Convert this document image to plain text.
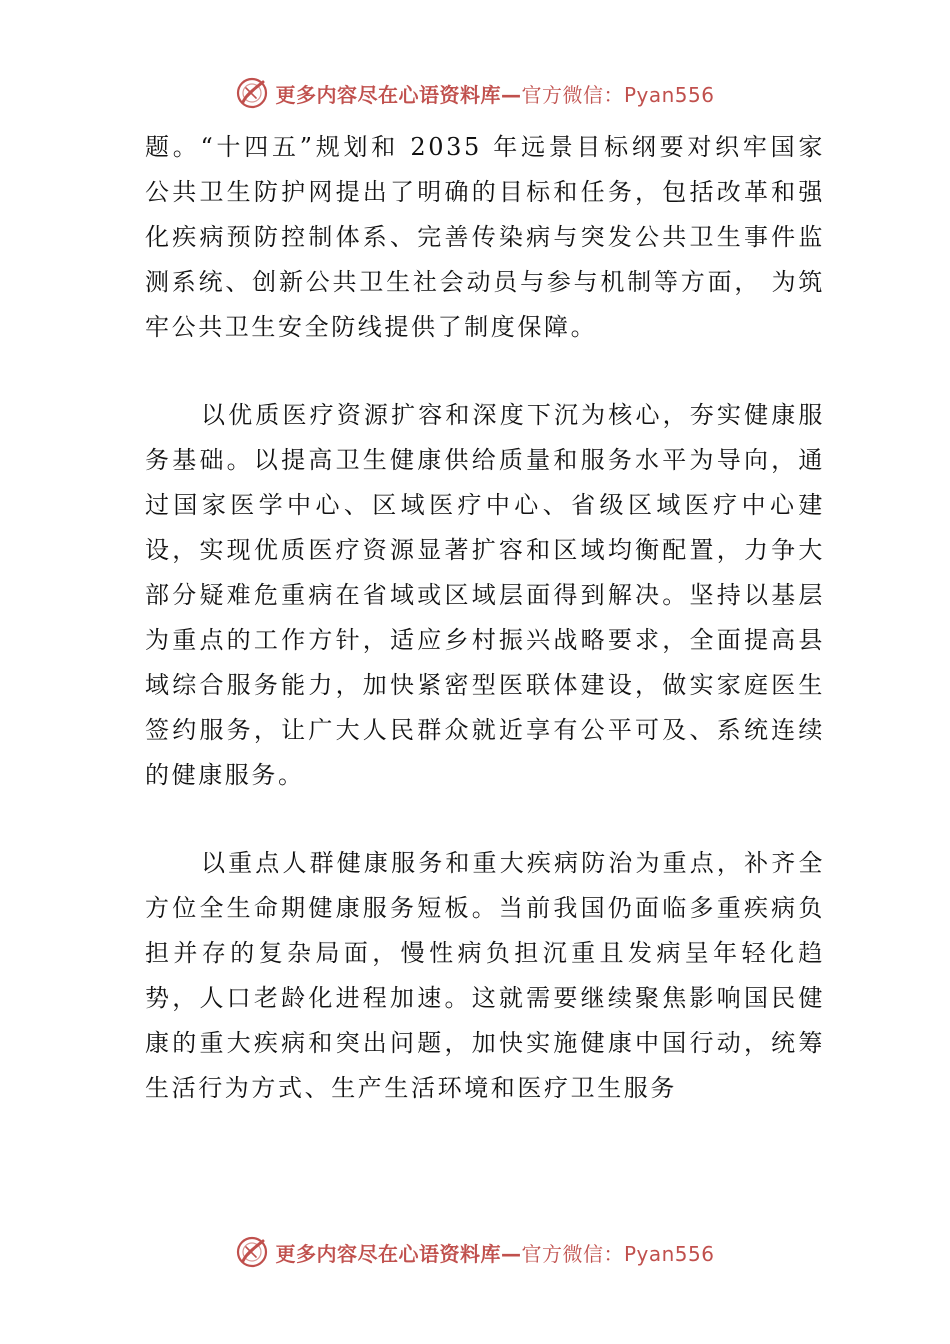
更多内容尽在心语资料库—官方微信：Pyan556

题。“十四五”规划和 2035 年远景目标纲要对织牢国家公共卫生防护网提出了明确的目标和任务，包括改革和强化疾病预防控制体系、完善传染病与突发公共卫生事件监测系统、创新公共卫生社会动员与参与机制等方面， 为筑牢公共卫生安全防线提供了制度保障。

以优质医疗资源扩容和深度下沉为核心，夯实健康服务基础。以提高卫生健康供给质量和服务水平为导向，通过国家医学中心、区域医疗中心、省级区域医疗中心建设，实现优质医疗资源显著扩容和区域均衡配置，力争大部分疑难危重病在省域或区域层面得到解决。坚持以基层为重点的工作方针，适应乡村振兴战略要求，全面提高县域综合服务能力，加快紧密型医联体建设，做实家庭医生签约服务，让广大人民群众就近享有公平可及、系统连续的健康服务。

以重点人群健康服务和重大疾病防治为重点，补齐全方位全生命期健康服务短板。当前我国仍面临多重疾病负担并存的复杂局面，慢性病负担沉重且发病呈年轻化趋势，人口老龄化进程加速。这就需要继续聚焦影响国民健康的重大疾病和突出问题，加快实施健康中国行动，统筹生活行为方式、生产生活环境和医疗卫生服务

更多内容尽在心语资料库—官方微信：Pyan556
